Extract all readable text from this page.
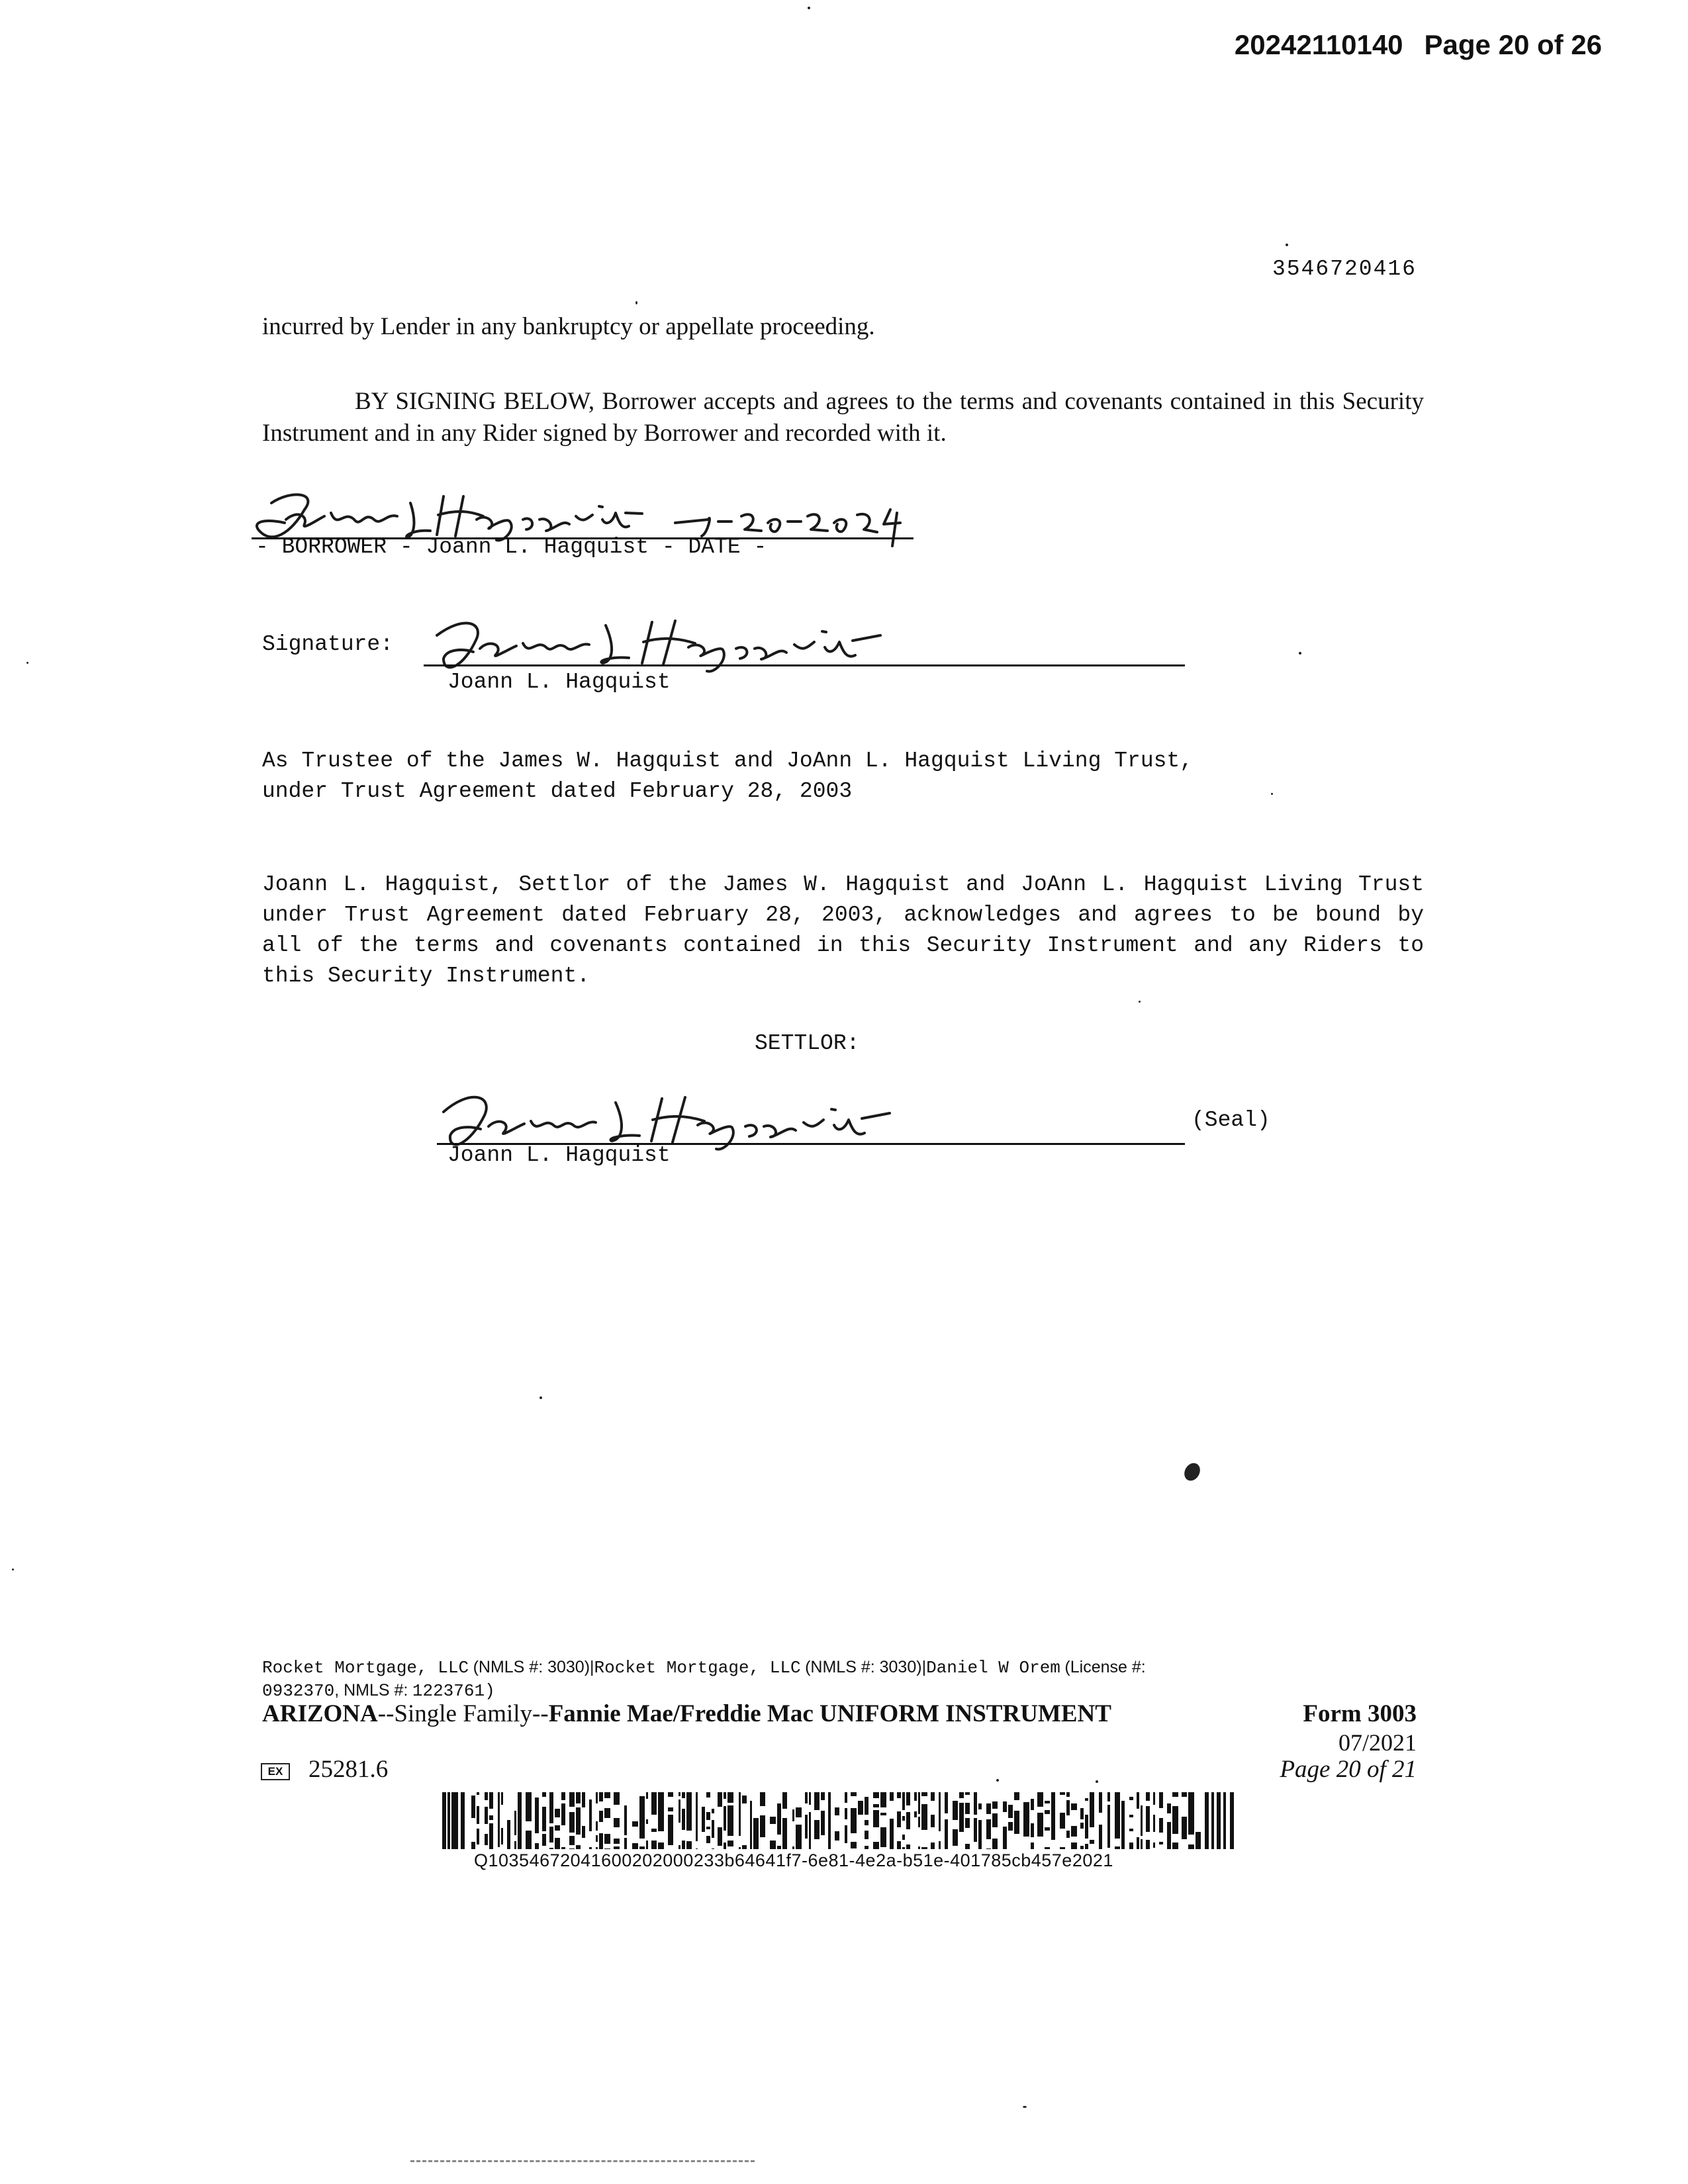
20242110140 Page 20 of 26
3546720416

incurred by Lender in any bankruptcy or appellate proceeding.

BY SIGNING BELOW, Borrower accepts and agrees to the terms and covenants contained in this Security Instrument and in any Rider signed by Borrower and recorded with it.

- BORROWER - Joann L. Hagquist - DATE -
Signature:
Joann L. Hagquist
As Trustee of the James W. Hagquist and JoAnn L. Hagquist Living Trust,
under Trust Agreement dated February 28, 2003

Joann L. Hagquist, Settlor of the James W. Hagquist and JoAnn L. Hagquist Living Trust under Trust Agreement dated February 28, 2003, acknowledges and agrees to be bound by all of the terms and covenants contained in this Security Instrument and any Riders to this Security Instrument.

SETTLOR:
(Seal)
Joann L. Hagquist
Rocket Mortgage, LLC (NMLS #: 3030)|Rocket Mortgage, LLC (NMLS #: 3030)|Daniel W Orem (License #:
0932370, NMLS #: 1223761)
ARIZONA--Single Family--Fannie Mae/Freddie Mac UNIFORM INSTRUMENT	Form 3003
07/2021
Page 20 of 21
EX 25281.6
Q10354672041600202000233b64641f7-6e81-4e2a-b51e-401785cb457e2021
